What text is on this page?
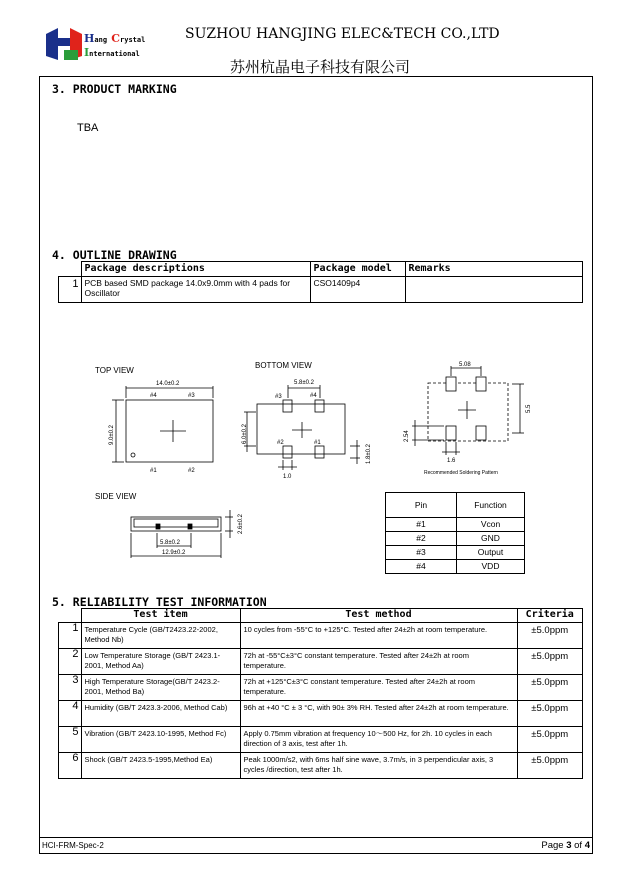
Hang Crystal
International
SUZHOU HANGJING ELEC&TECH CO.,LTD
苏州杭晶电子科技有限公司
3. PRODUCT MARKING
TBA
4. OUTLINE DRAWING
	Package descriptions	Package model	Remarks
1	PCB based SMD package 14.0x9.0mm with 4 pads for Oscillator	CSO1409p4	
TOP VIEW
14.0±0.2
9.0±0.2
#4	#3
#1	#2
BOTTOM VIEW
5.8±0.2
#3	#4
#2	#1
6.0±0.2
1.8±0.2
1.0
5.08
5.5
2.54
1.6
Recommended Soldering Pattern
SIDE VIEW
2.6±0.2
5.8±0.2
12.9±0.2
Pin	Function
#1	Vcon
#2	GND
#3	Output
#4	VDD
5. RELIABILITY TEST INFORMATION
	Test item	Test method	Criteria
1	Temperature Cycle (GB/T2423.22-2002, Method Nb)	10 cycles from -55°C to +125°C. Tested after 24±2h at room temperature.	±5.0ppm
2	Low Temperature Storage (GB/T 2423.1-2001, Method Aa)	72h at -55°C±3°C constant temperature. Tested after 24±2h at room temperature.	±5.0ppm
3	High Temperature Storage(GB/T 2423.2-2001, Method Ba)	72h at +125°C±3°C constant temperature. Tested after 24±2h at room temperature.	±5.0ppm
4	Humidity (GB/T 2423.3-2006, Method Cab)	96h at +40 °C ± 3 °C, with 90± 3% RH. Tested after 24±2h at room temperature.	±5.0ppm
5	Vibration (GB/T 2423.10-1995, Method Fc)	Apply 0.75mm vibration at frequency 10～500 Hz, for 2h. 10 cycles in each direction of 3 axis, test after 1h.	±5.0ppm
6	Shock (GB/T 2423.5-1995,Method Ea)	Peak 1000m/s2, with 6ms half sine wave, 3.7m/s, in 3 perpendicular axis, 3 cycles /direction, test after 1h.	±5.0ppm
HCI-FRM-Spec-2	Page 3 of 4
